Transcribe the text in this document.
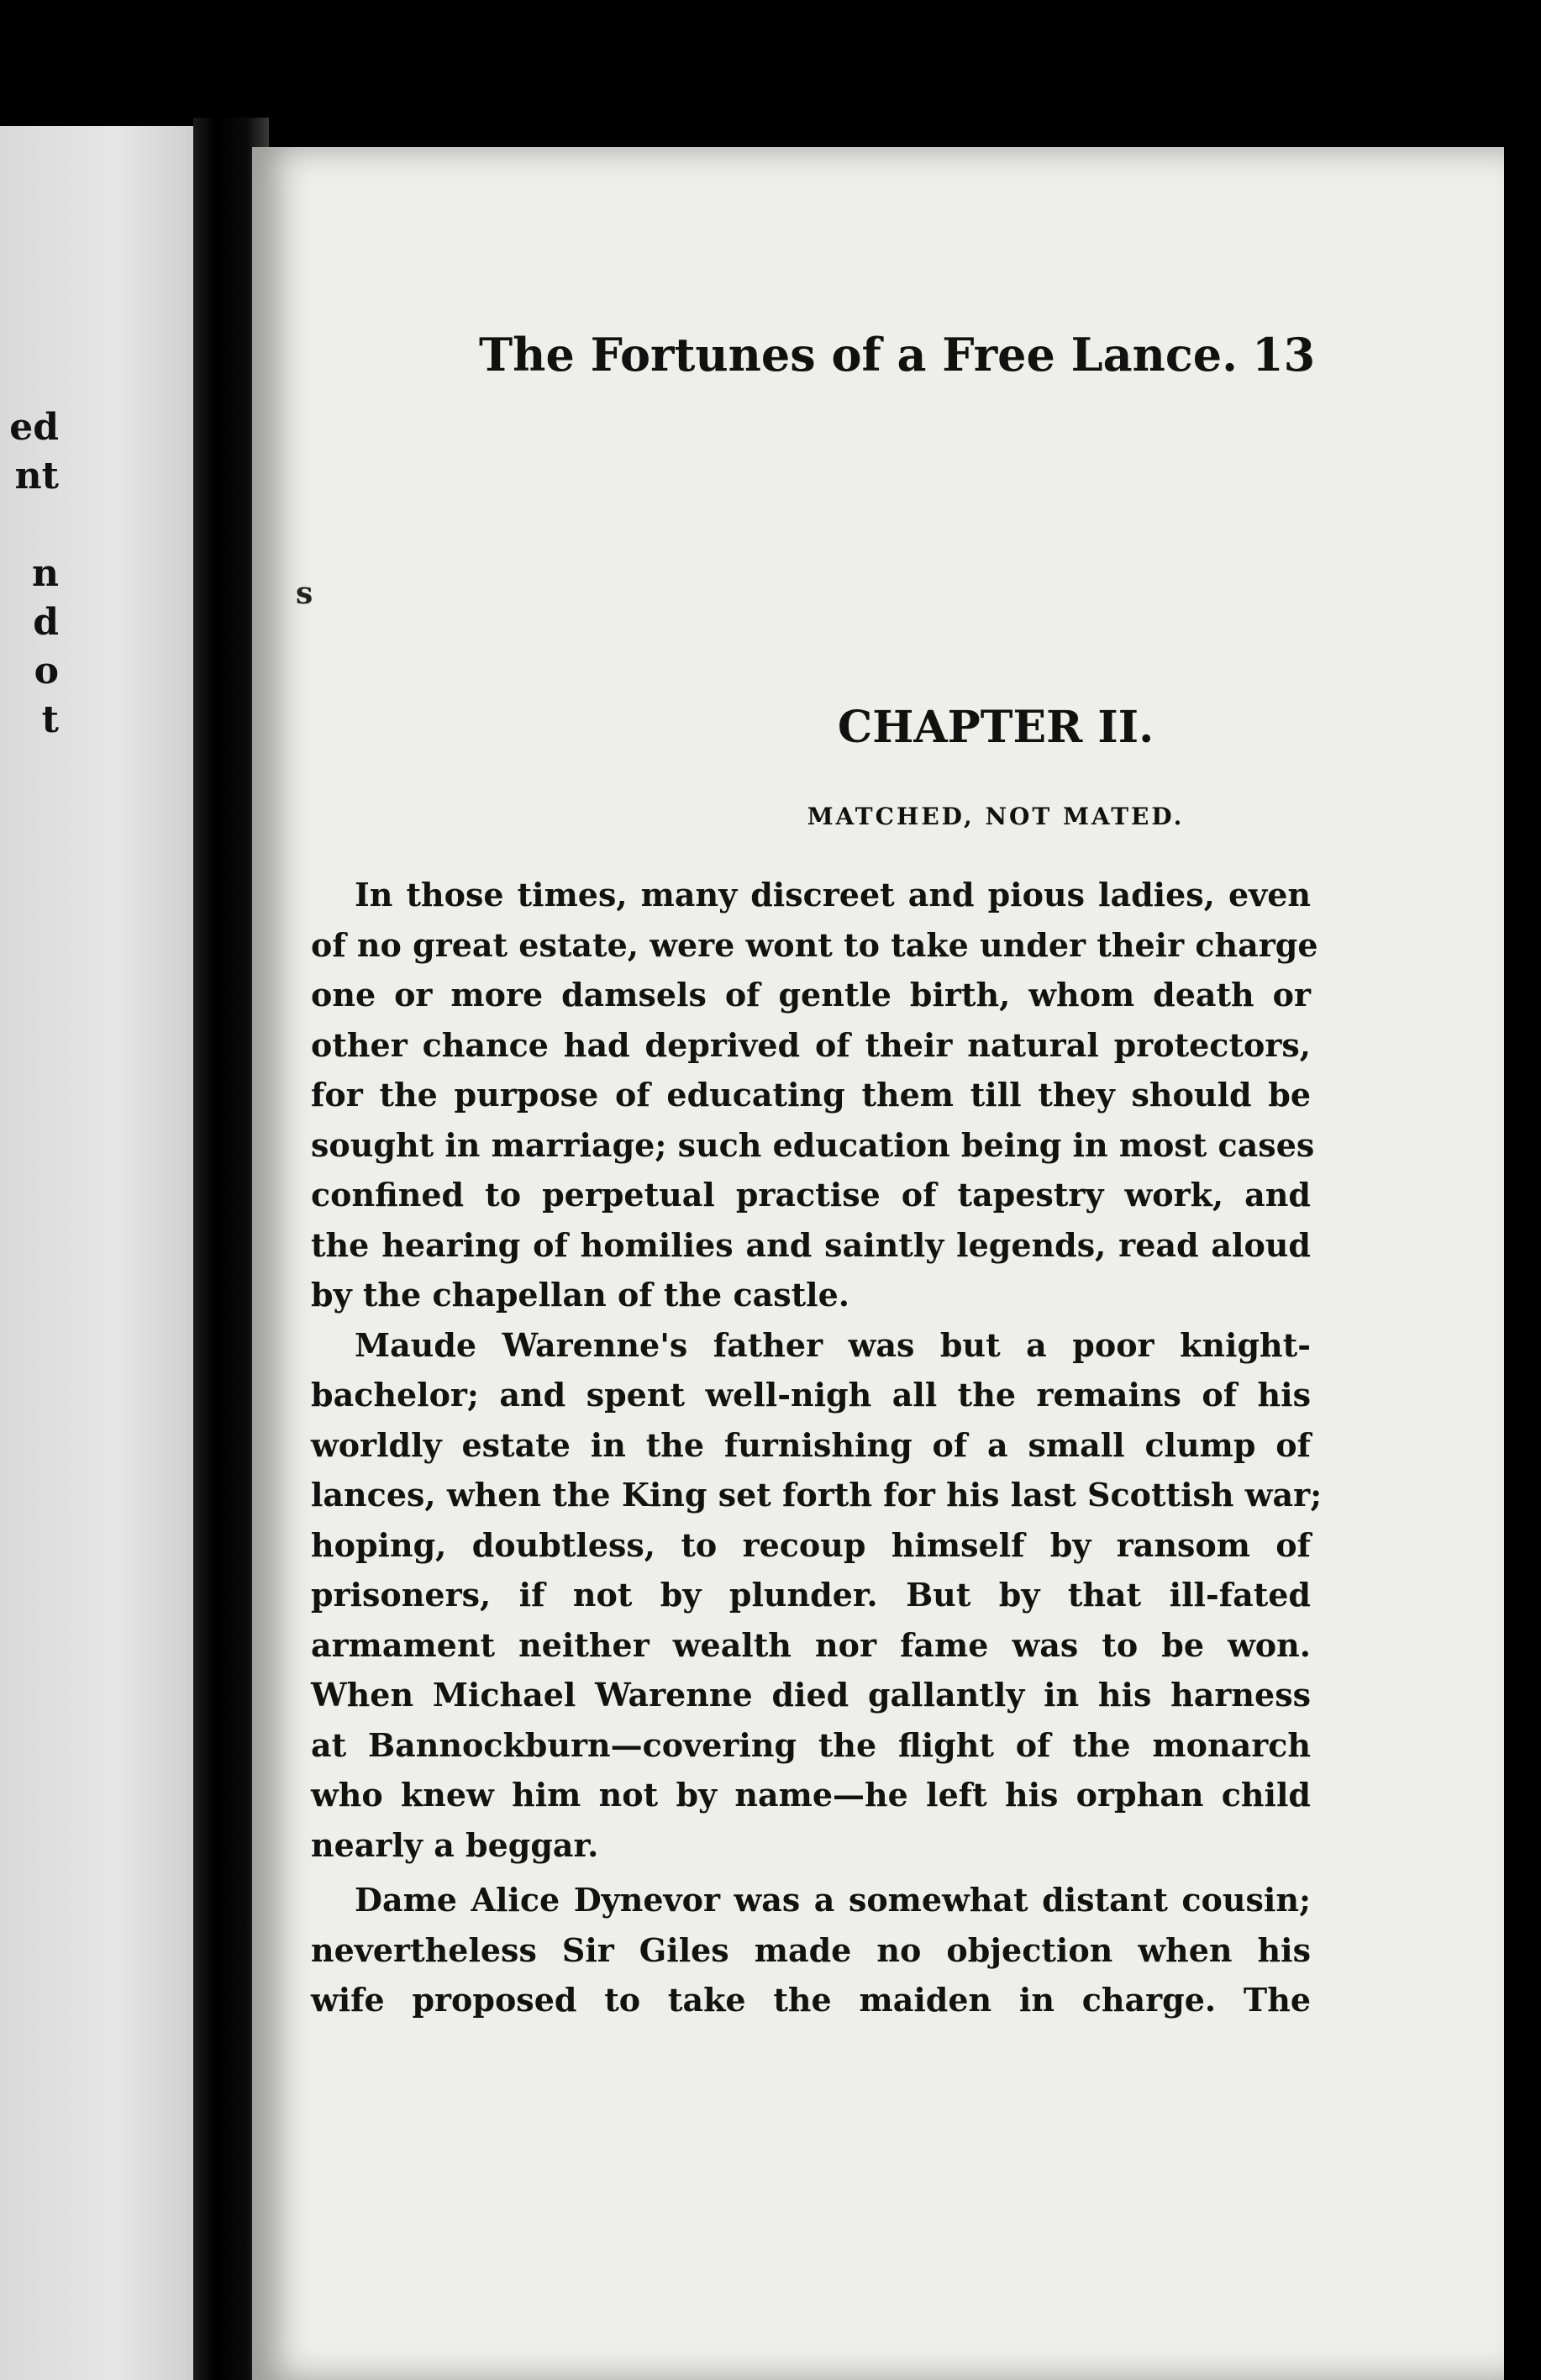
ed
nt
n
d
o
t
The Fortunes of a Free Lance. 13
s
CHAPTER II.
MATCHED, NOT MATED.

In those times, many discreet and pious ladies, even
of no great estate, were wont to take under their charge
one or more damsels of gentle birth, whom death or
other chance had deprived of their natural protectors,
for the purpose of educating them till they should be
sought in marriage; such education being in most cases
confined to perpetual practise of tapestry work, and
the hearing of homilies and saintly legends, read aloud
by the chapellan of the castle.

Maude Warenne's father was but a poor knight-
bachelor; and spent well-nigh all the remains of his
worldly estate in the furnishing of a small clump of
lances, when the King set forth for his last Scottish war;
hoping, doubtless, to recoup himself by ransom of
prisoners, if not by plunder. But by that ill-fated
armament neither wealth nor fame was to be won.
When Michael Warenne died gallantly in his harness
at Bannockburn—covering the flight of the monarch
who knew him not by name—he left his orphan child
nearly a beggar.

Dame Alice Dynevor was a somewhat distant cousin;
nevertheless Sir Giles made no objection when his
wife proposed to take the maiden in charge. The
